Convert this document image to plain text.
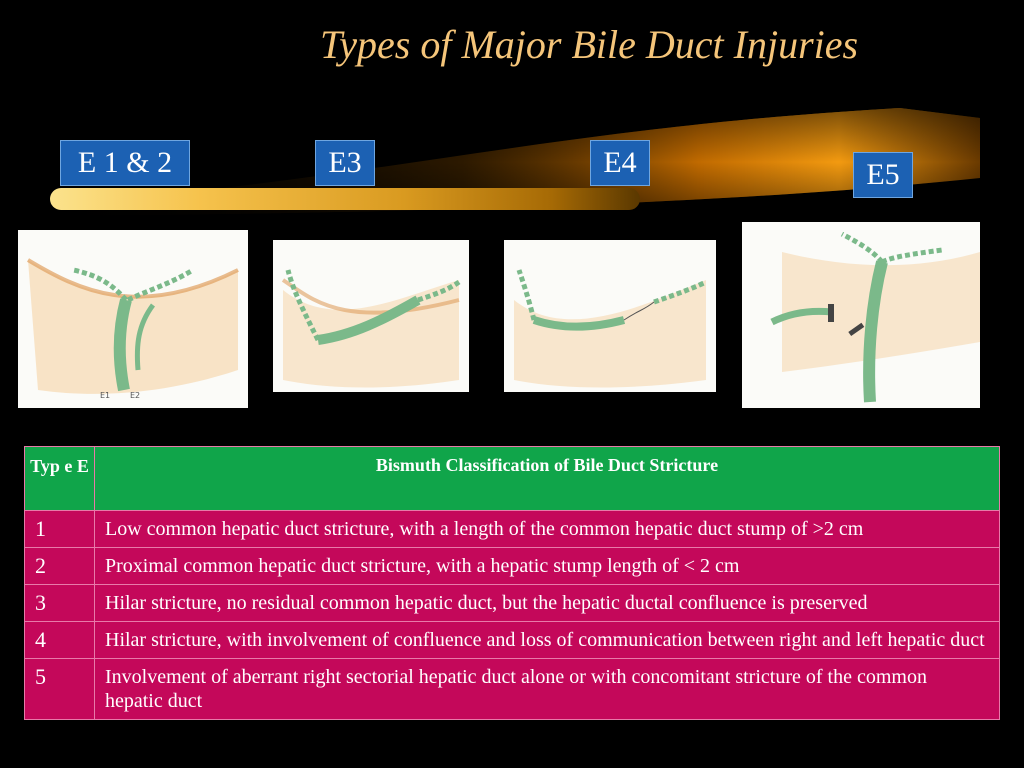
Types of Major Bile Duct Injuries
E 1 & 2	E3	E4	E5
E1 E2
Typ e E	Bismuth Classification of Bile Duct Stricture
1	Low common hepatic duct stricture, with a length of the common hepatic duct stump of >2 cm
2	Proximal common hepatic duct stricture, with a hepatic stump length of < 2 cm
3	Hilar stricture, no residual common hepatic duct, but the hepatic ductal confluence is preserved
4	Hilar stricture, with involvement of confluence and loss of communication between right and left hepatic duct
5	Involvement of aberrant right sectorial hepatic duct alone or with concomitant stricture of the common hepatic duct
